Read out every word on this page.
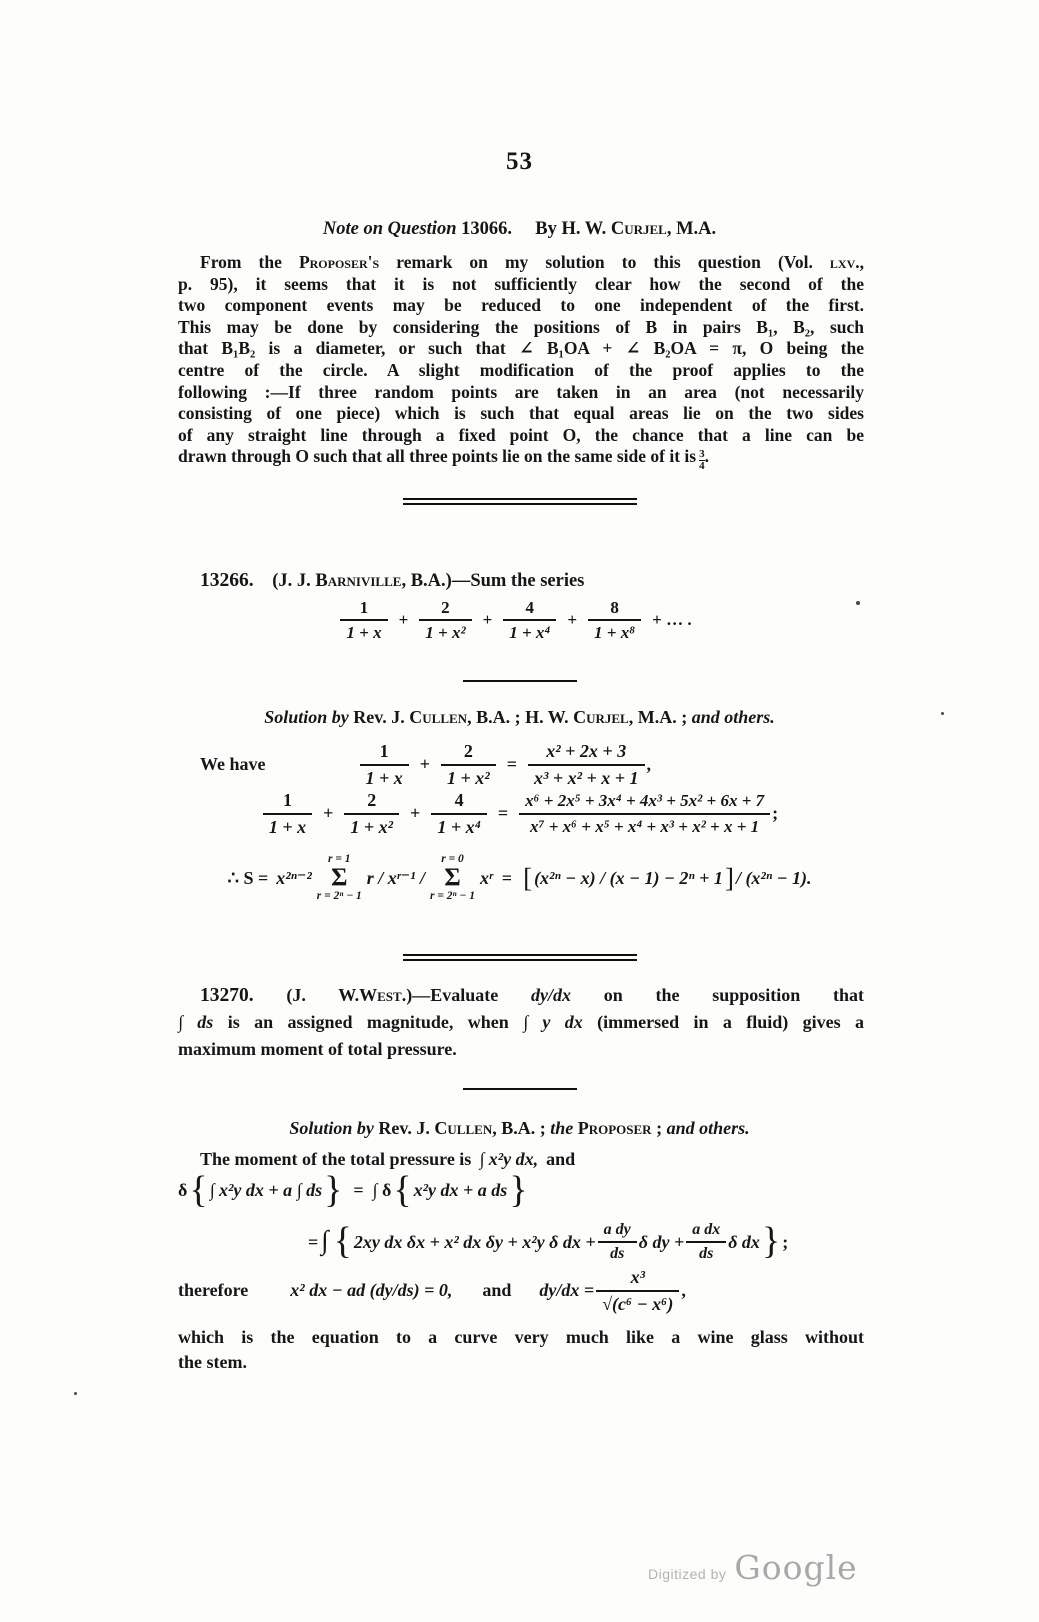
53
Note on Question 13066. By H. W. Curjel, M.A.
From the Proposer's remark on my solution to this question (Vol. lxv.,
p. 95), it seems that it is not sufficiently clear how the second of the
two component events may be reduced to one independent of the first.
This may be done by considering the positions of B in pairs B₁, B₂, such
that B₁B₂ is a diameter, or such that ∠ B₁OA + ∠ B₂OA = π, O being the
centre of the circle. A slight modification of the proof applies to the
following :—If three random points are taken in an area (not necessarily
consisting of one piece) which is such that equal areas lie on the two sides
of any straight line through a fixed point O, the chance that a line can be
drawn through O such that all three points lie on the same side of it is $\frac{3}{4}$ .
13266. (J. J. Barniville, B.A.)—Sum the series
$\frac{1}{1 + x} + \frac{2}{\text{1 + x²}} + \frac{4}{\text{1 + x⁴}} + \frac{8}{\text{1 + x⁸}}$ + … .
Solution by Rev. J. Cullen, B.A. ; H. W. Curjel, M.A. ; and others.
We have	$\frac{1}{1 + x} + \frac{2}{\text{1 + x²}} = \frac{\text{x² + 2x + 3}}{\text{x³ + x² + x + 1}}$ ,
$\frac{1}{1 + x} + \frac{2}{\text{1 + x²}} + \frac{4}{\text{1 + x⁴}} = \frac{\text{x⁶ + 2x⁵ + 3x⁴ + 4x³ + 5x² + 6x + 7}}{\text{x⁷ + x⁶ + x⁵ + x⁴ + x³ + x² + x + 1}}$ ;
∴ S = x²ⁿ⁻²
r = 1
Σ
r = 2ⁿ − 1
r / xʳ⁻¹ /
r = 0
Σ
r = 2ⁿ − 1
xʳ = [ (x²ⁿ − x) / (x − 1) − 2ⁿ + 1 ] / (x²ⁿ − 1).
13270. (J. W.West.)—Evaluate dy/dx on the supposition that
∫ ds is an assigned magnitude, when ∫ y dx (immersed in a fluid) gives a
maximum moment of total pressure.
Solution by Rev. J. Cullen, B.A. ; the Proposer ; and others.
The moment of the total pressure is ∫ x²y dx, and
δ { ∫ x²y dx + a ∫ ds } = ∫ δ { x²y dx + a ds }
= ∫ { 2xy dx δx + x² dx δy + x²y δ dx + $\frac{\text{a dy}}{ds}$ δ dy + $\frac{\text{a dx}}{ds}$ δ dx } ;
therefore x² dx − ad (dy/ds) = 0, and $dy/dx = \frac{\text{x³}}{\text{√(c⁶ − x⁶)}}$ ,
which is the equation to a curve very much like a wine glass without
the stem.
Digitized by Google
